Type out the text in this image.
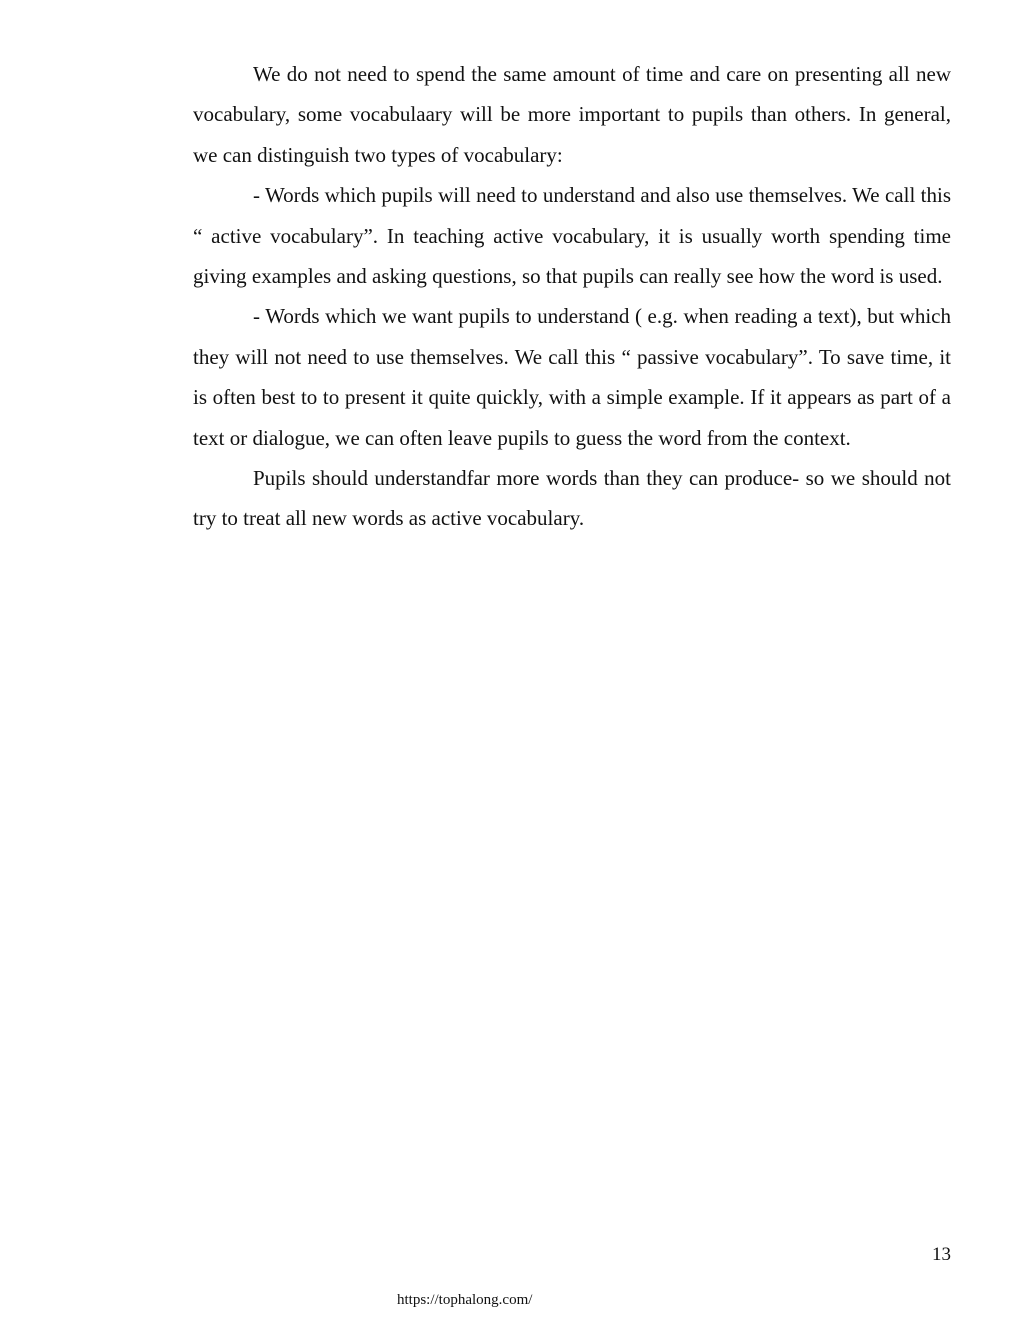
We do not need to spend the same amount of time and care on presenting all new vocabulary, some vocabulaary will be more important to pupils than others. In general, we can distinguish two types of vocabulary:

- Words which pupils will need to understand and also use themselves. We call this “ active vocabulary”. In teaching active vocabulary, it is usually worth spending time giving examples and asking questions, so that pupils can really see how the word is used.

- Words which we want pupils to understand ( e.g. when reading a text), but which they will not need to use themselves. We call this “ passive vocabulary”. To save time, it is often best to to present it quite quickly, with a simple example. If it appears as part of a text or dialogue, we can often leave pupils to guess the word from the context.

Pupils should understandfar more words than they can produce- so we should not try to treat all new words as active vocabulary.

13
https://tophalong.com/
